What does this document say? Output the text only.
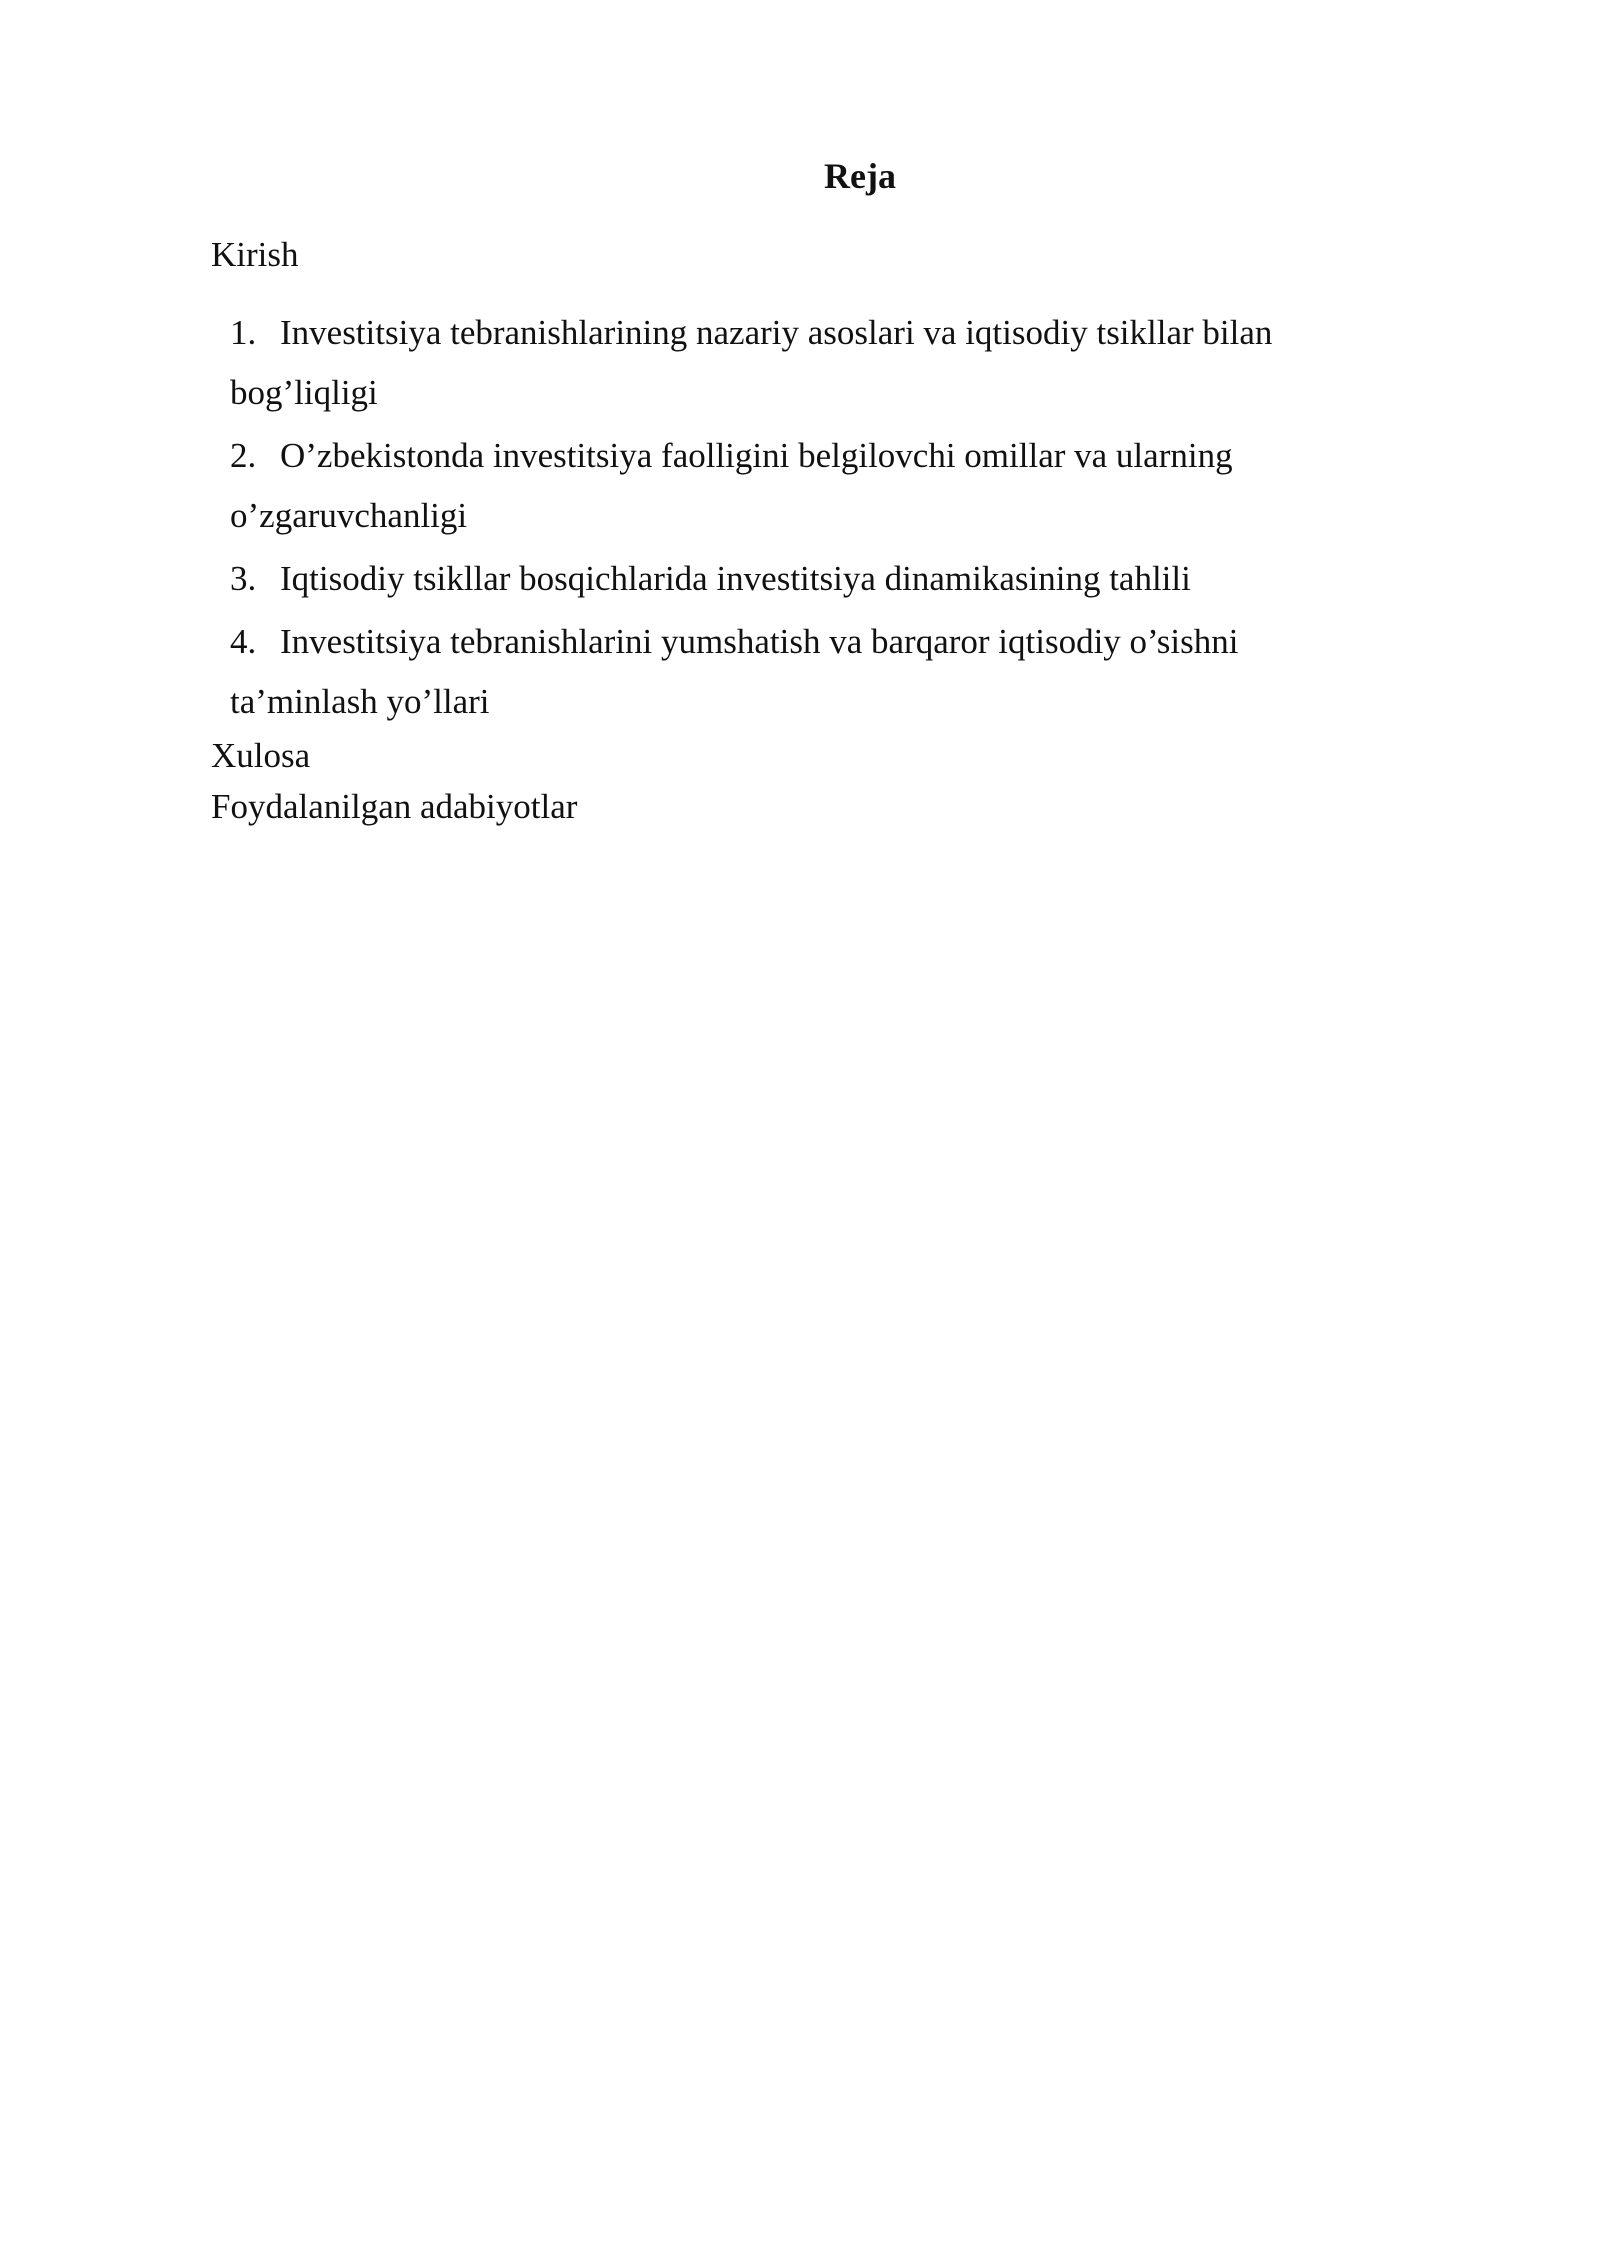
Reja
Kirish
1. Investitsiya tebranishlarining nazariy asoslari va iqtisodiy tsikllar bilan
bog’liqligi
2. O’zbekistonda investitsiya faolligini belgilovchi omillar va ularning
o’zgaruvchanligi
3. Iqtisodiy tsikllar bosqichlarida investitsiya dinamikasining tahlili
4. Investitsiya tebranishlarini yumshatish va barqaror iqtisodiy o’sishni
ta’minlash yo’llari
Xulosa
Foydalanilgan adabiyotlar
